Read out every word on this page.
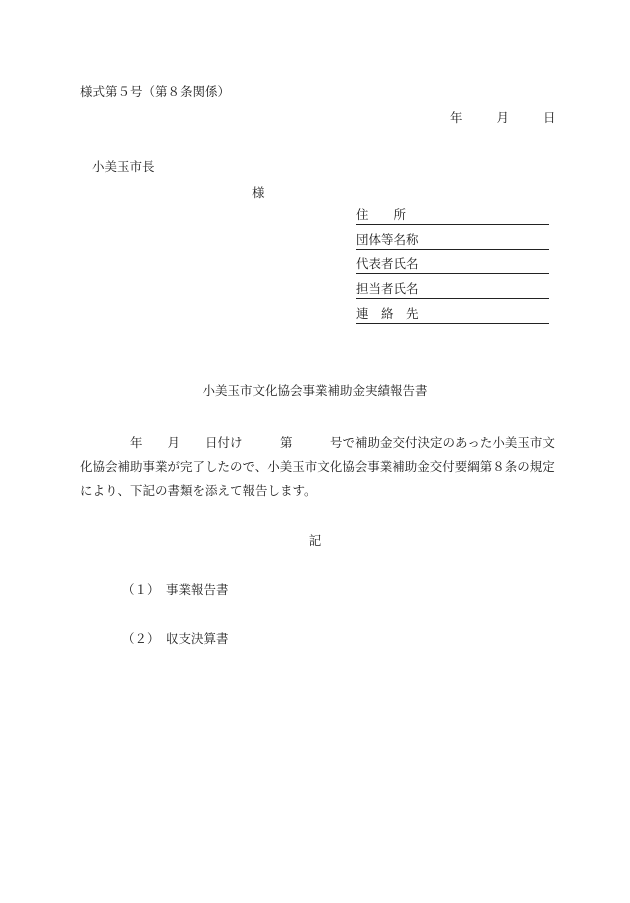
様式第５号（第８条関係）
年	月	日
小美玉市長
様
住　　所
団体等名称
代表者氏名
担当者氏名
連　絡　先
小美玉市文化協会事業補助金実績報告書
　　　　年　　月　　日付け　　　第　　　号で補助金交付決定のあった小美玉市文
化協会補助事業が完了したので、小美玉市文化協会事業補助金交付要綱第８条の規定
により、下記の書類を添えて報告します。
記
（１） 事業報告書
（２） 収支決算書
